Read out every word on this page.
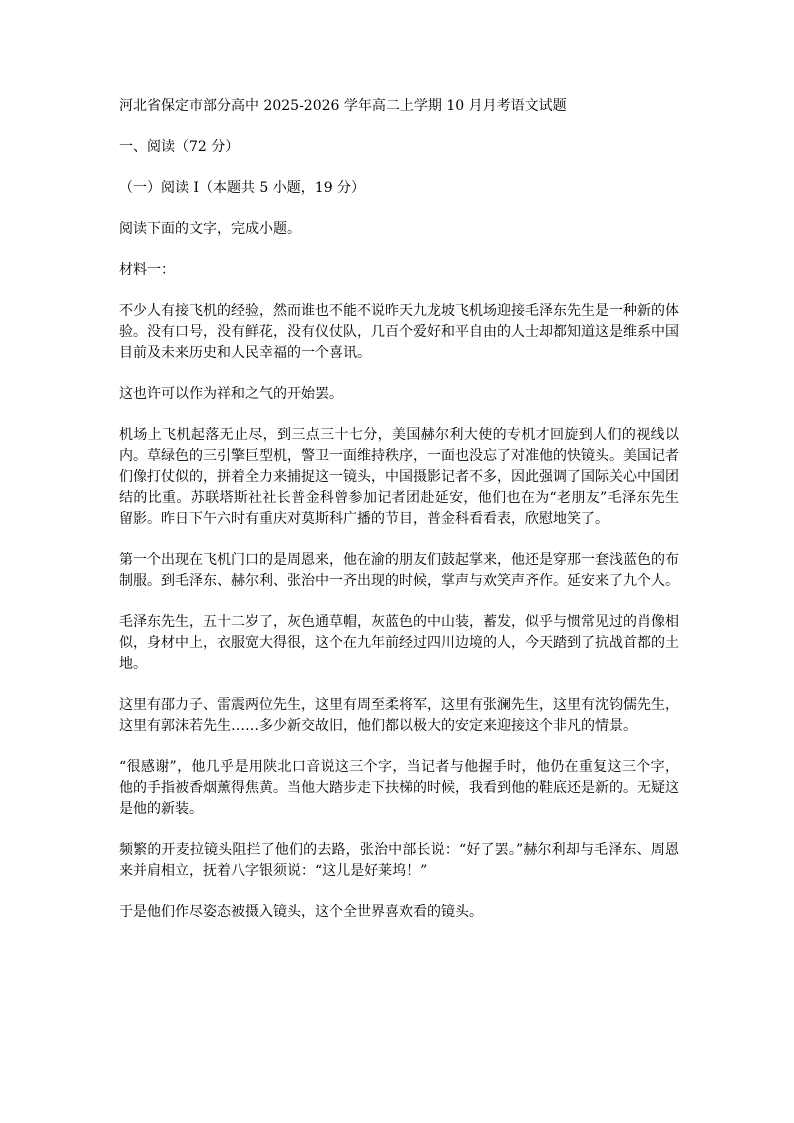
河北省保定市部分高中 2025-2026 学年高二上学期 10 月月考语文试题

一、阅读（72 分）

（一）阅读 I（本题共 5 小题，19 分）

阅读下面的文字，完成小题。

材料一：

不少人有接飞机的经验，然而谁也不能不说昨天九龙坡飞机场迎接毛泽东先生是一种新的体验。没有口号，没有鲜花，没有仪仗队，几百个爱好和平自由的人士却都知道这是维系中国目前及未来历史和人民幸福的一个喜讯。

这也许可以作为祥和之气的开始罢。

机场上飞机起落无止尽，到三点三十七分，美国赫尔利大使的专机才回旋到人们的视线以内。草绿色的三引擎巨型机，警卫一面维持秩序，一面也没忘了对准他的快镜头。美国记者们像打仗似的，拼着全力来捕捉这一镜头，中国摄影记者不多，因此强调了国际关心中国团结的比重。苏联塔斯社社长普金科曾参加记者团赴延安，他们也在为“老朋友”毛泽东先生留影。昨日下午六时有重庆对莫斯科广播的节目，普金科看看表，欣慰地笑了。

第一个出现在飞机门口的是周恩来，他在渝的朋友们鼓起掌来，他还是穿那一套浅蓝色的布制服。到毛泽东、赫尔利、张治中一齐出现的时候，掌声与欢笑声齐作。延安来了九个人。

毛泽东先生，五十二岁了，灰色通草帽，灰蓝色的中山装，蓄发，似乎与惯常见过的肖像相似，身材中上，衣服宽大得很，这个在九年前经过四川边境的人，今天踏到了抗战首都的土地。

这里有邵力子、雷震两位先生，这里有周至柔将军，这里有张澜先生，这里有沈钧儒先生，这里有郭沫若先生……多少新交故旧，他们都以极大的安定来迎接这个非凡的情景。

“很感谢”，他几乎是用陕北口音说这三个字，当记者与他握手时，他仍在重复这三个字，他的手指被香烟薰得焦黄。当他大踏步走下扶梯的时候，我看到他的鞋底还是新的。无疑这是他的新装。

频繁的开麦拉镜头阻拦了他们的去路，张治中部长说：“好了罢。”赫尔利却与毛泽东、周恩来并肩相立，抚着八字银须说：“这儿是好莱坞！”

于是他们作尽姿态被摄入镜头，这个全世界喜欢看的镜头。
